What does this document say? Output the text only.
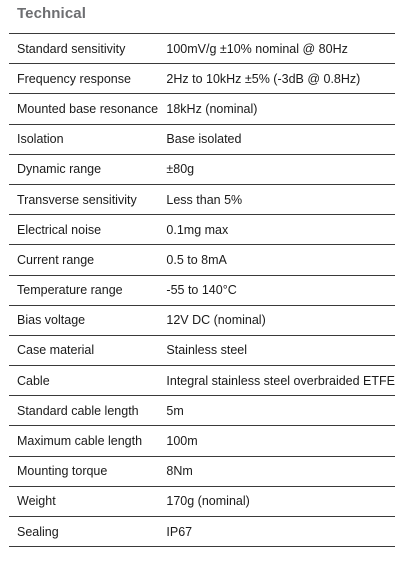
Technical
Standard sensitivity	100mV/g ±10% nominal @ 80Hz
Frequency response	2Hz to 10kHz ±5% (-3dB @ 0.8Hz)
Mounted base resonance	18kHz (nominal)
Isolation	Base isolated
Dynamic range	±80g
Transverse sensitivity	Less than 5%
Electrical noise	0.1mg max
Current range	0.5 to 8mA
Temperature range	-55 to 140°C
Bias voltage	12V DC (nominal)
Case material	Stainless steel
Cable	Integral stainless steel overbraided ETFE
Standard cable length	5m
Maximum cable length	100m
Mounting torque	8Nm
Weight	170g (nominal)
Sealing	IP67
